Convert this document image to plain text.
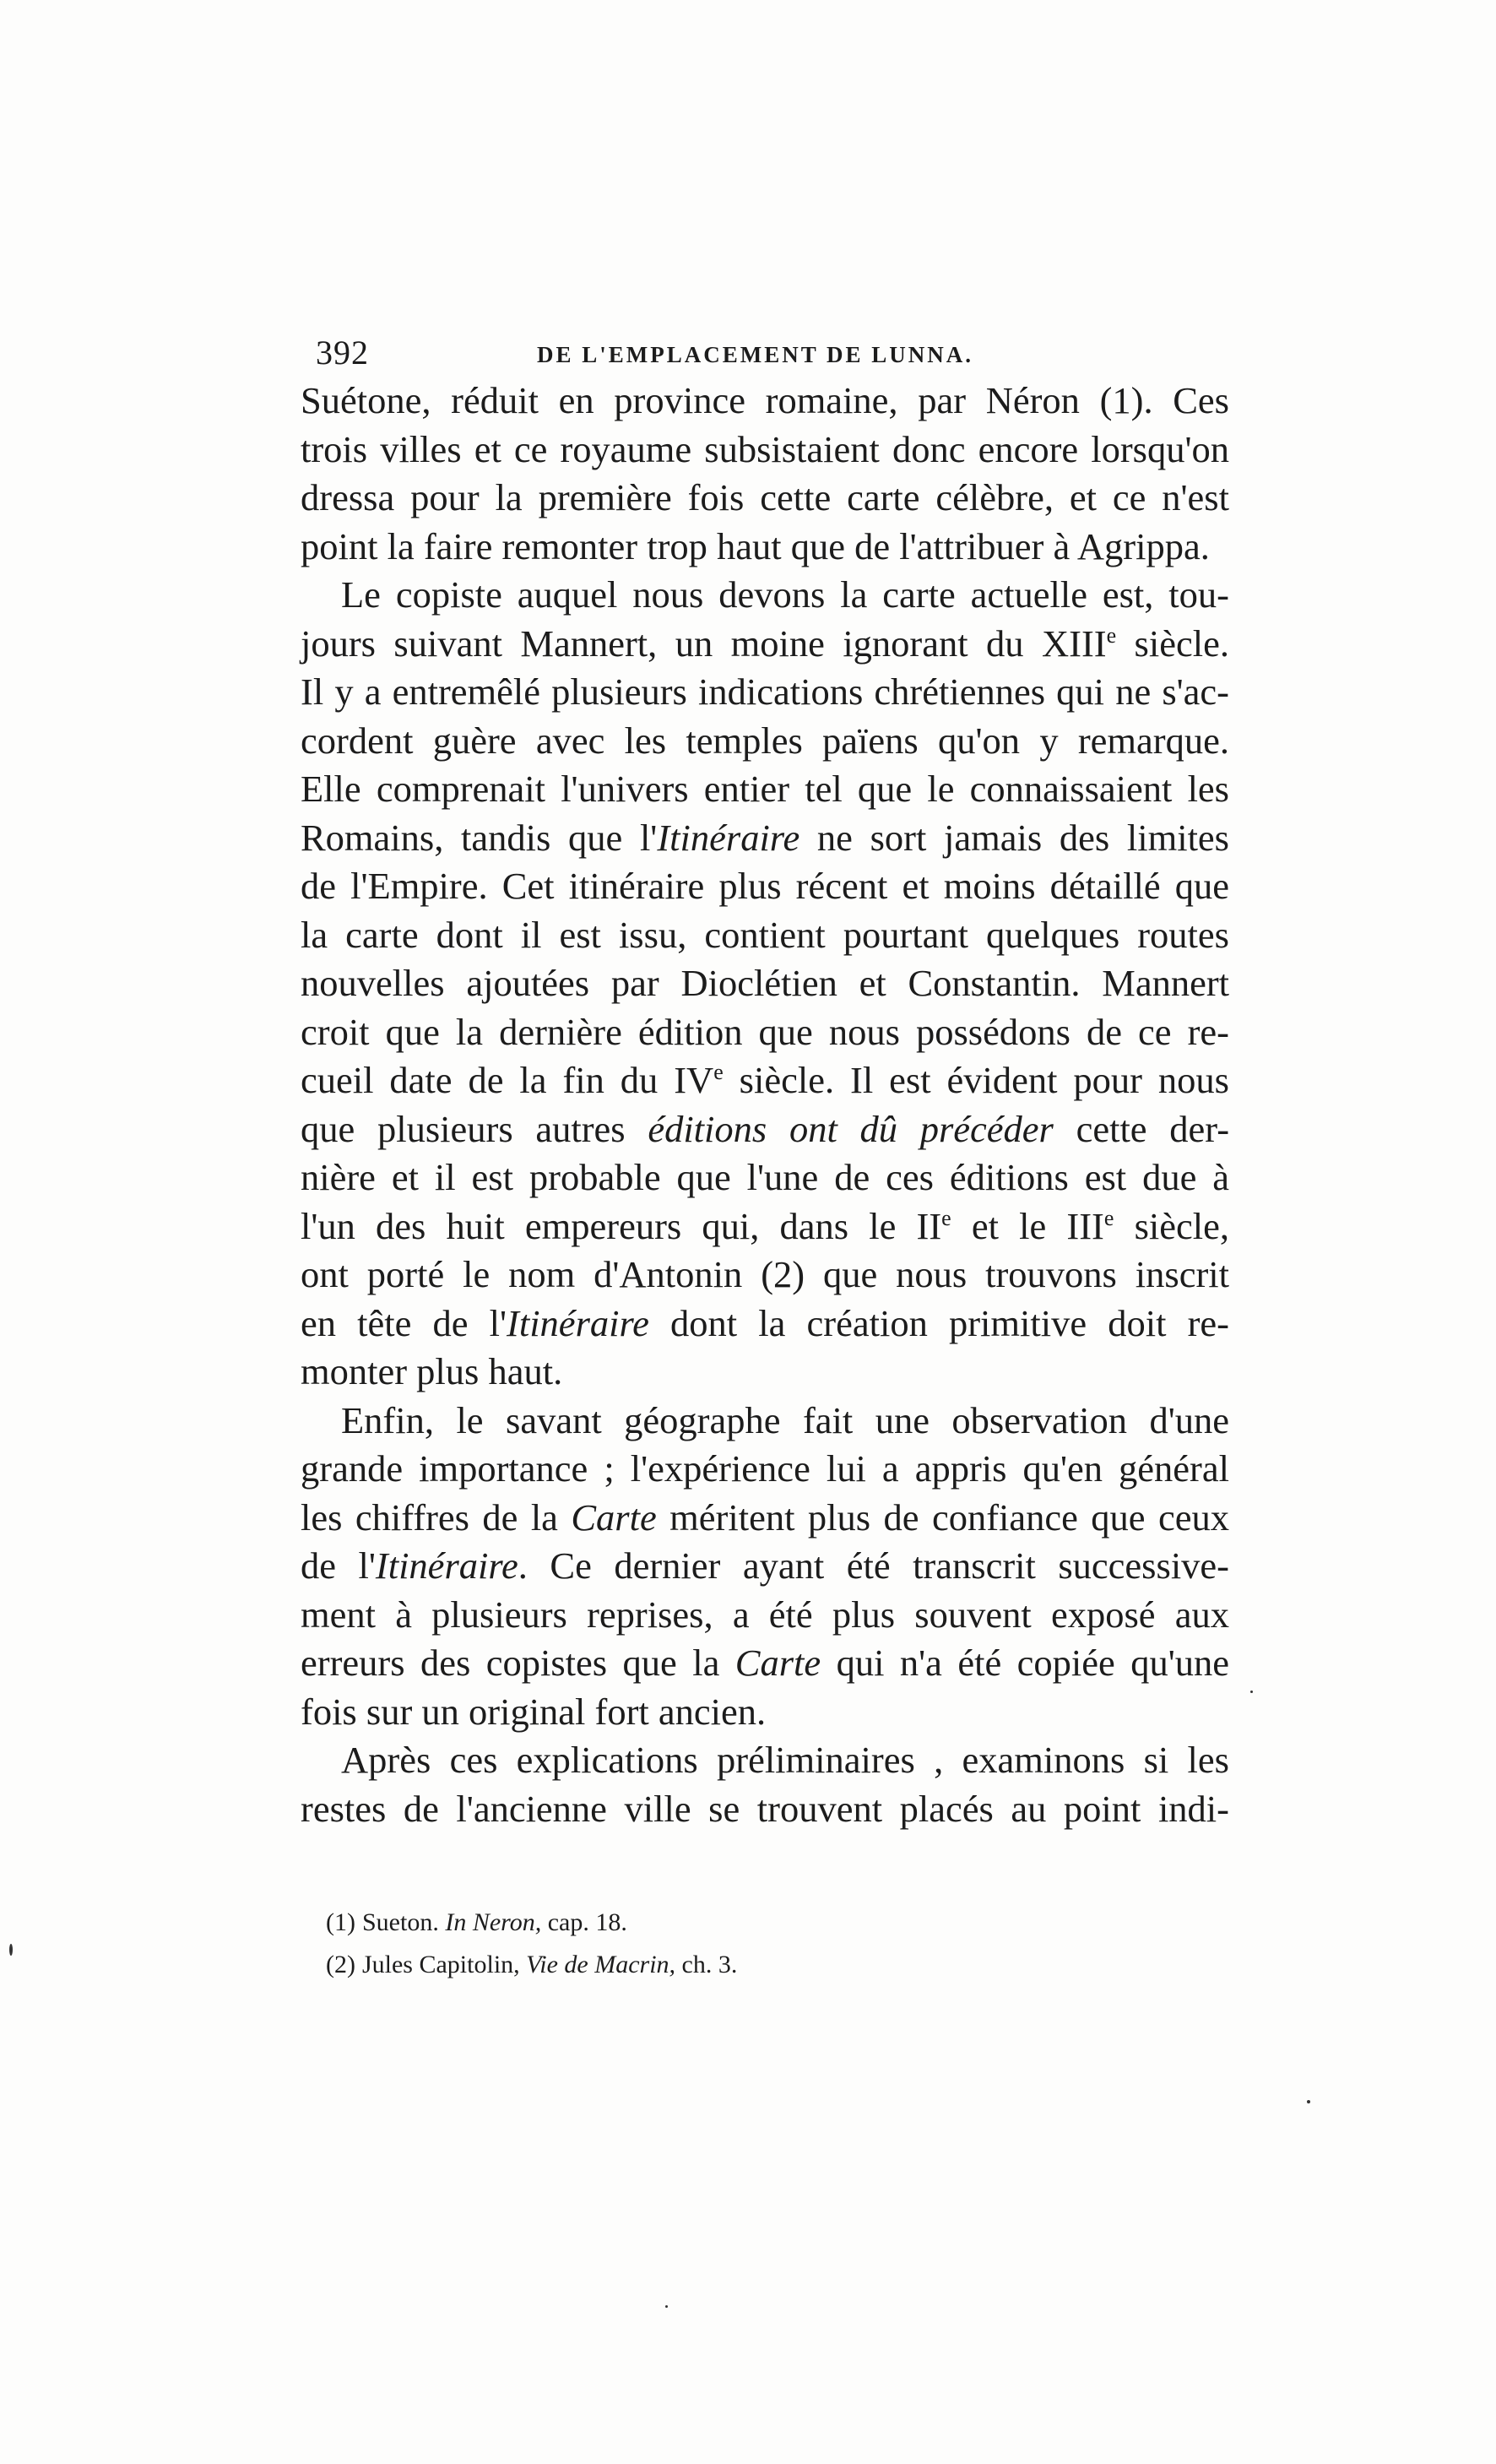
392	DE L'EMPLACEMENT DE LUNNA.
Suétone, réduit en province romaine, par Néron (1). Ces
trois villes et ce royaume subsistaient donc encore lorsqu'on
dressa pour la première fois cette carte célèbre, et ce n'est
point la faire remonter trop haut que de l'attribuer à Agrippa.
Le copiste auquel nous devons la carte actuelle est, tou-
jours suivant Mannert, un moine ignorant du XIIIe siècle.
Il y a entremêlé plusieurs indications chrétiennes qui ne s'ac-
cordent guère avec les temples païens qu'on y remarque.
Elle comprenait l'univers entier tel que le connaissaient les
Romains, tandis que l'Itinéraire ne sort jamais des limites
de l'Empire. Cet itinéraire plus récent et moins détaillé que
la carte dont il est issu, contient pourtant quelques routes
nouvelles ajoutées par Dioclétien et Constantin. Mannert
croit que la dernière édition que nous possédons de ce re-
cueil date de la fin du IVe siècle. Il est évident pour nous
que plusieurs autres éditions ont dû précéder cette der-
nière et il est probable que l'une de ces éditions est due à
l'un des huit empereurs qui, dans le IIe et le IIIe siècle,
ont porté le nom d'Antonin (2) que nous trouvons inscrit
en tête de l'Itinéraire dont la création primitive doit re-
monter plus haut.
Enfin, le savant géographe fait une observation d'une
grande importance ; l'expérience lui a appris qu'en général
les chiffres de la Carte méritent plus de confiance que ceux
de l'Itinéraire. Ce dernier ayant été transcrit successive-
ment à plusieurs reprises, a été plus souvent exposé aux
erreurs des copistes que la Carte qui n'a été copiée qu'une
fois sur un original fort ancien.
Après ces explications préliminaires , examinons si les
restes de l'ancienne ville se trouvent placés au point indi-
(1) Sueton. In Neron, cap. 18.
(2) Jules Capitolin, Vie de Macrin, ch. 3.
